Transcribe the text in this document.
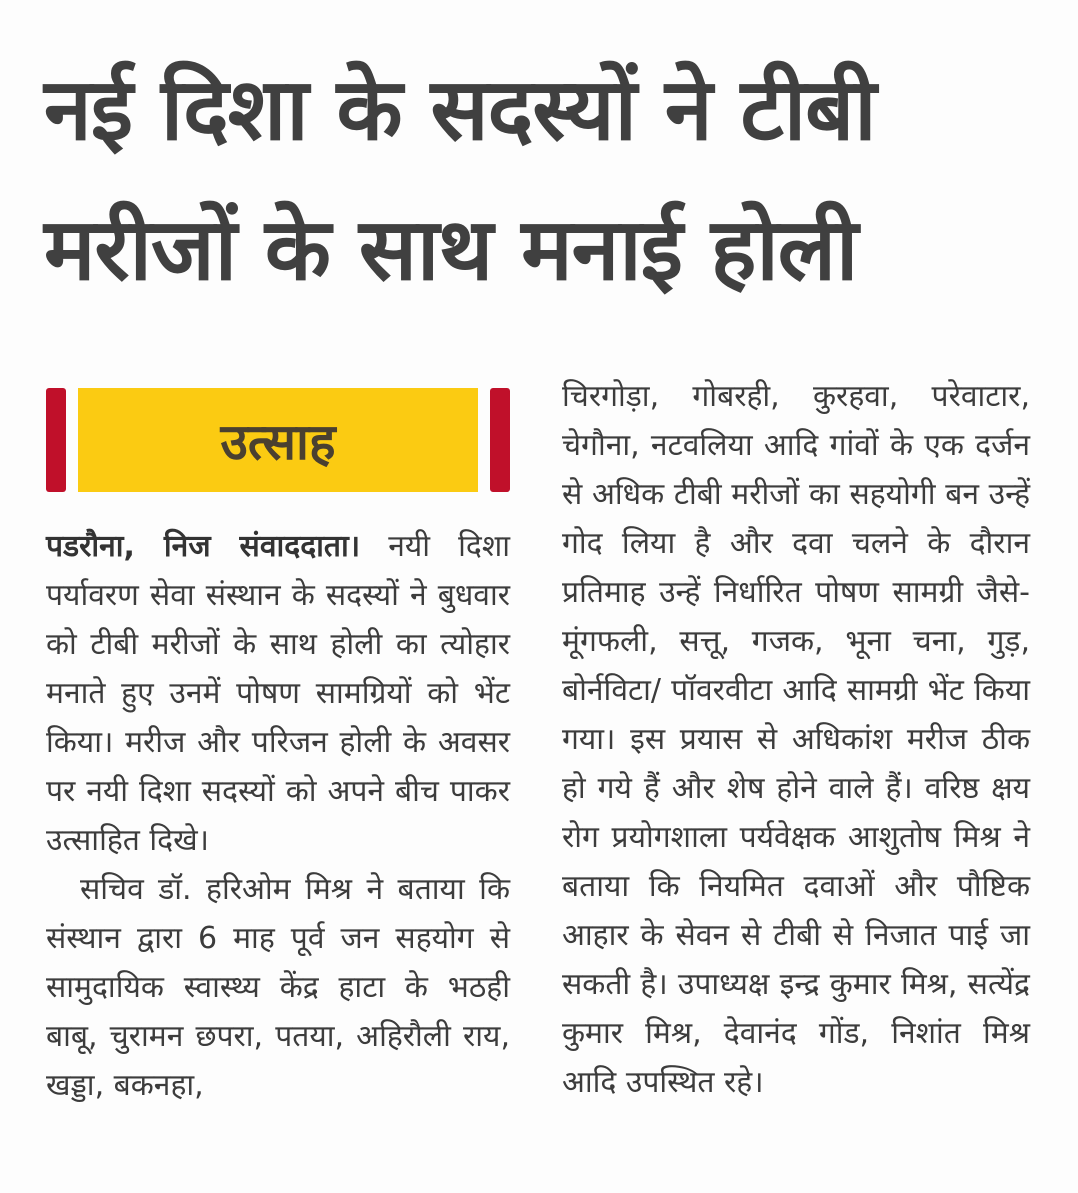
नई दिशा के सदस्यों ने टीबी
मरीजों के साथ मनाई होली
उत्साह

पडरौना, निज संवाददाता। नयी दिशा पर्यावरण सेवा संस्थान के सदस्यों ने बुधवार को टीबी मरीजों के साथ होली का त्योहार मनाते हुए उनमें पोषण सामग्रियों को भेंट किया। मरीज और परिजन होली के अवसर पर नयी दिशा सदस्यों को अपने बीच पाकर उत्साहित दिखे।

सचिव डॉ. हरिओम मिश्र ने बताया कि संस्थान द्वारा 6 माह पूर्व जन सहयोग से सामुदायिक स्वास्थ्य केंद्र हाटा के भठही बाबू, चुरामन छपरा, पतया, अहिरौली राय, खड्डा, बकनहा,

चिरगोड़ा, गोबरही, कुरहवा, परेवाटार, चेगौना, नटवलिया आदि गांवों के एक दर्जन से अधिक टीबी मरीजों का सहयोगी बन उन्हें गोद लिया है और दवा चलने के दौरान प्रतिमाह उन्हें निर्धारित पोषण सामग्री जैसे- मूंगफली, सत्तू, गजक, भूना चना, गुड़, बोर्नविटा/ पॉवरवीटा आदि सामग्री भेंट किया गया। इस प्रयास से अधिकांश मरीज ठीक हो गये हैं और शेष होने वाले हैं। वरिष्ठ क्षय रोग प्रयोगशाला पर्यवेक्षक आशुतोष मिश्र ने बताया कि नियमित दवाओं और पौष्टिक आहार के सेवन से टीबी से निजात पाई जा सकती है। उपाध्यक्ष इन्द्र कुमार मिश्र, सत्येंद्र कुमार मिश्र, देवानंद गोंड, निशांत मिश्र आदि उपस्थित रहे।
